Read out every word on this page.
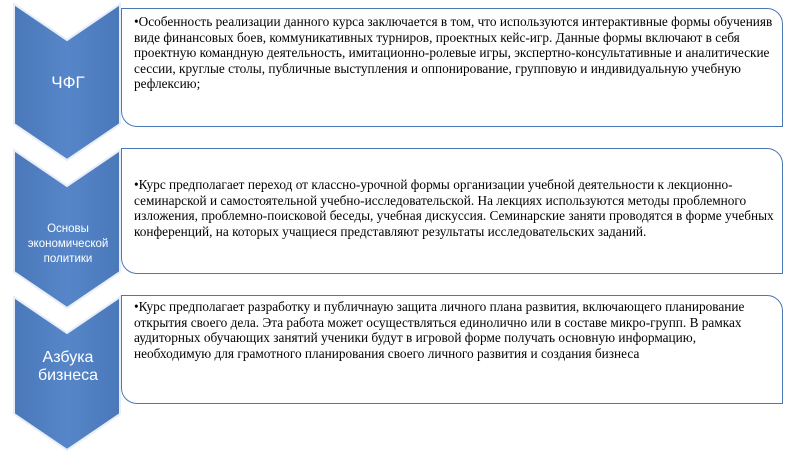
ЧФГ
Основы экономической политики
Азбука бизнеса

•Особенность реализации данного курса заключается в том, что используются интерактивные формы обученияв виде финансовых боев, коммуникативных турниров, проектных кейс-игр. Данные формы включают в себя проектную командную деятельность, имитационно-ролевые игры, экспертно-консультативные и аналитические сессии, круглые столы, публичные выступления и оппонирование, групповую и индивидуальную учебную рефлексию;

•Курс предполагает переход от классно-урочной формы организации учебной деятельности к лекционно-семинарской и самостоятельной учебно-исследовательской. На лекциях используются методы проблемного изложения, проблемно-поисковой беседы, учебная дискуссия. Семинарские заняти проводятся в форме учебных конференций, на которых учащиеся представляют результаты исследовательских заданий.

•Курс предполагает разработку и публичнаую защита личного плана развития, включающего планирование открытия своего дела. Эта работа может осуществляться единолично или в составе микро-групп. В рамках аудиторных обучающих занятий ученики будут в игровой форме получать основную информацию, необходимую для грамотного планирования своего личного развития и создания бизнеса
